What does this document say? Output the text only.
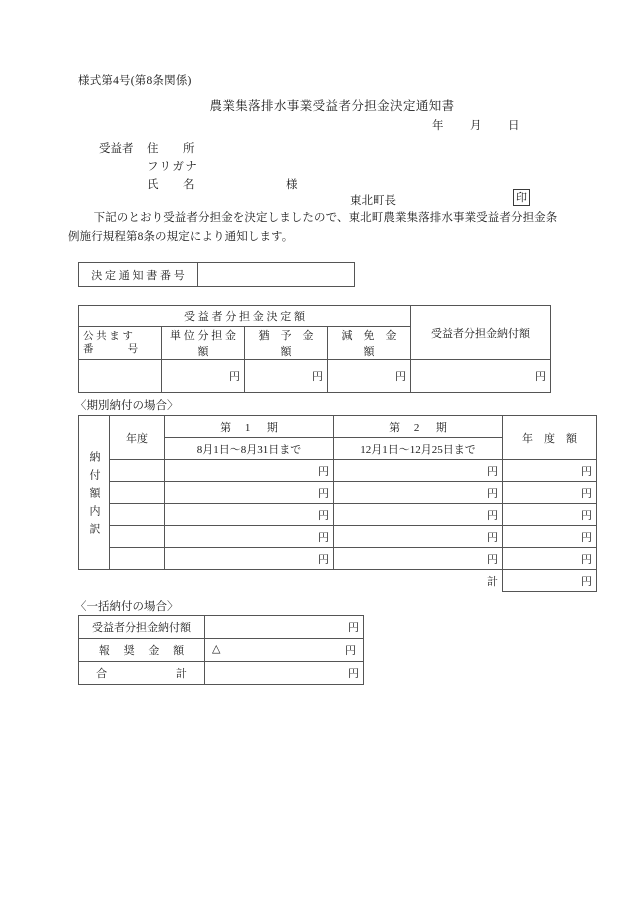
様式第4号(第8条関係)
農業集落排水事業受益者分担金決定通知書
年 月 日
受益者 住　　所
フリガナ
氏　　名	様
東北町長	印
　下記のとおり受益者分担金を決定しましたので、東北町農業集落排水事業受益者分担金条例施行規程第8条の規定により通知します。
決 定 通 知 書 番 号	
受 益 者 分 担 金 決 定 額				受益者分担金納付額

公 共 ま す
番　　　 号	単 位 分 担 金 額	猶　予　金　額	減　免　金　額	
	円	円	円	円
〈期別納付の場合〉
納付額内訳	年度	第　 1 　 期	第　 2 　 期	年　度　額
		8月1日～8月31日まで	12月1日～12月25日まで	
		円	円	円
		円	円	円
		円	円	円
		円	円	円
		円	円	円
			計	円
〈一括納付の場合〉
受益者分担金納付額	円
報　 奨　 金　 額	△ 円

合　　　　　　 計	円
